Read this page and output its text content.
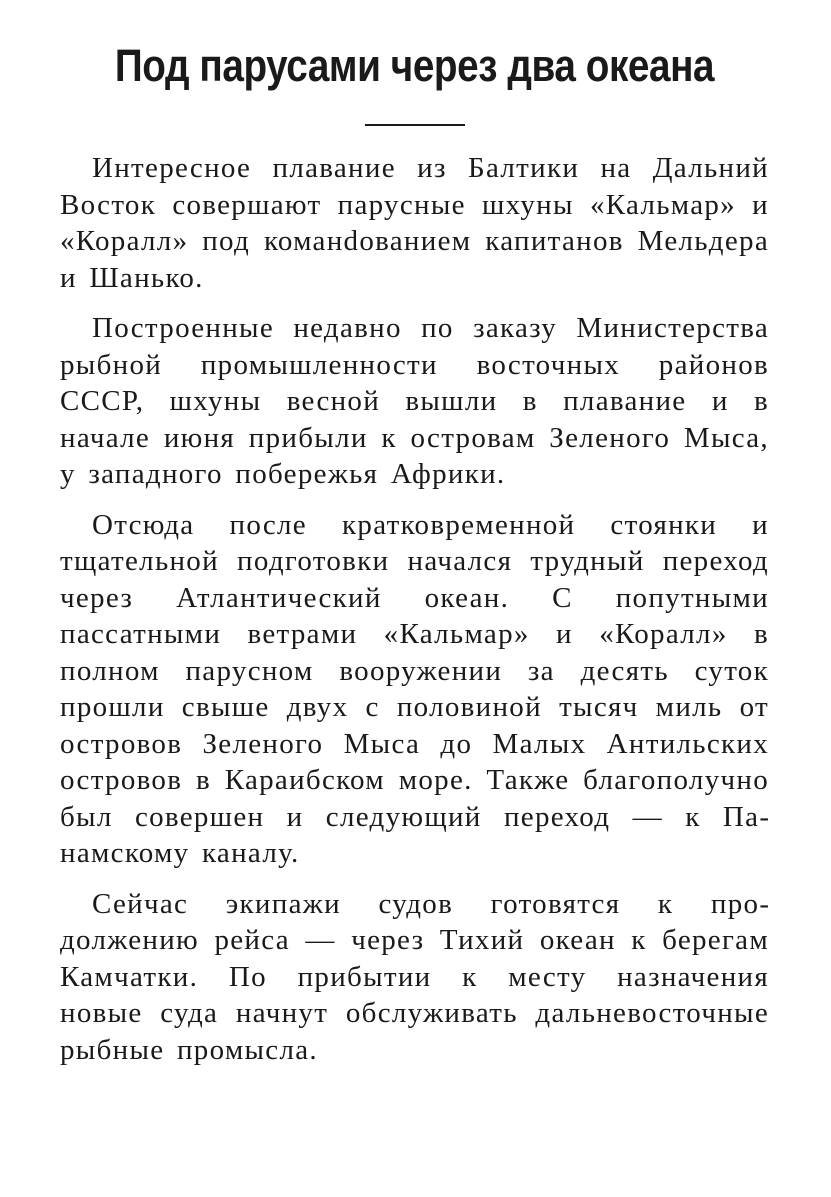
Под парусами через два океана

Интересное плавание из Балтики на Дальний Восток совершают парусные шхуны «Кальмар» и «Коралл» под команdованием капитанов Мельдера и Шанько.

Построенные недавно по заказу Министерства рыбной промышленности восточных районов СССР, шхуны весной вышли в плавание и в начале июня прибыли к островам Зеленого Мыса, у западного побережья Африки.

Отсюда после кратковременной стоянки и тщательной подготовки начался трудный переход через Атлантический океан. С попутными пассатными ветрами «Кальмар» и «Коралл» в полном парусном вооружении за десять суток прошли свыше двух с половиной тысяч миль от островов Зеленого Мыса до Малых Антильских островов в Карaибском море. Также благополучно был совершен и следующий переход — к Панамскому каналу.

Сейчас экипажи судов готовятся к продолжению рейса — через Тихий океан к берегам Камчатки. По прибытии к месту назначения новые суда начнут обслуживать дальневосточные рыбные промысла.
